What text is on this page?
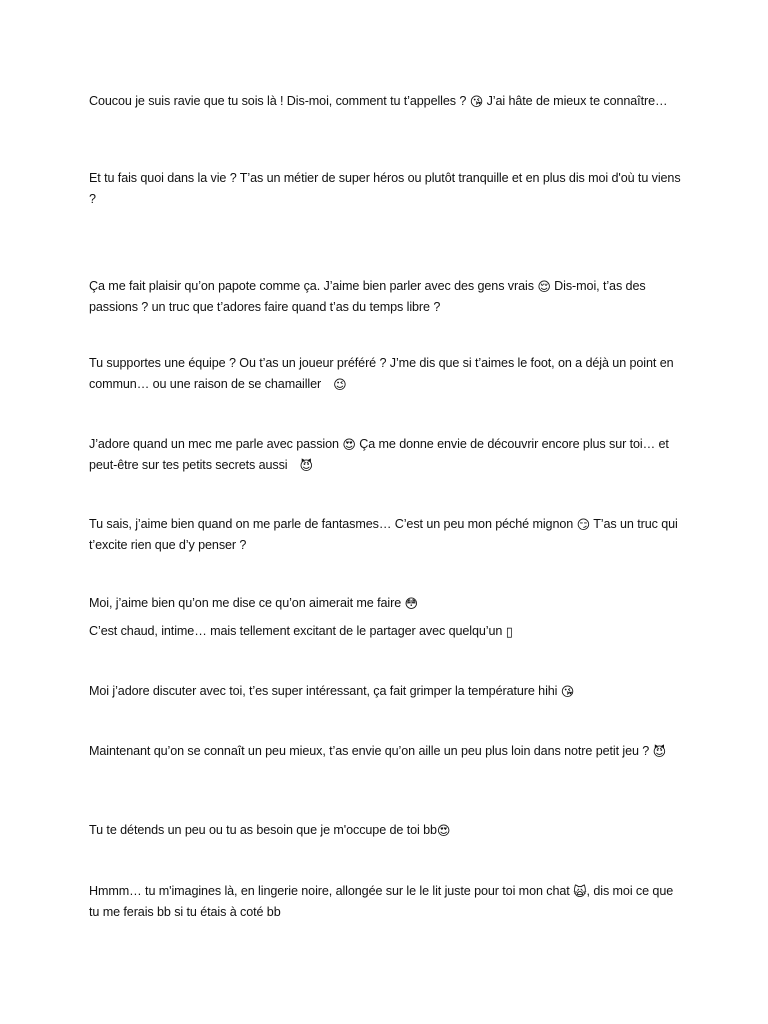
Coucou je suis ravie que tu sois là ! Dis-moi, comment tu t’appelles ? 😘 J’ai hâte de mieux te connaître…

Et tu fais quoi dans la vie ? T’as un métier de super héros ou plutôt tranquille et en plus dis moi d'où tu viens ?

Ça me fait plaisir qu’on papote comme ça. J’aime bien parler avec des gens vrais 😌 Dis-moi, t’as des passions ? un truc que t’adores faire quand t’as du temps libre ?

Tu supportes une équipe ? Ou t’as un joueur préféré ? J’me dis que si t’aimes le foot, on a déjà un point en commun… ou une raison de se chamailler 😉

J’adore quand un mec me parle avec passion 😍 Ça me donne envie de découvrir encore plus sur toi… et peut-être sur tes petits secrets aussi 😈

Tu sais, j’aime bien quand on me parle de fantasmes… C’est un peu mon péché mignon 😏 T’as un truc qui t’excite rien que d’y penser ?

Moi, j’aime bien qu’on me dise ce qu’on aimerait me faire 😳

C’est chaud, intime… mais tellement excitant de le partager avec quelqu’un ▯

Moi j’adore discuter avec toi, t’es super intéressant, ça fait grimper la température hihi 😘

Maintenant qu’on se connaît un peu mieux, t’as envie qu’on aille un peu plus loin dans notre petit jeu ? 😈

Tu te détends un peu ou tu as besoin que je m'occupe de toi bb😍

Hmmm… tu m'imagines là, en lingerie noire, allongée sur le le lit juste pour toi mon chat 🙀, dis moi ce que tu me ferais bb si tu étais à coté bb
